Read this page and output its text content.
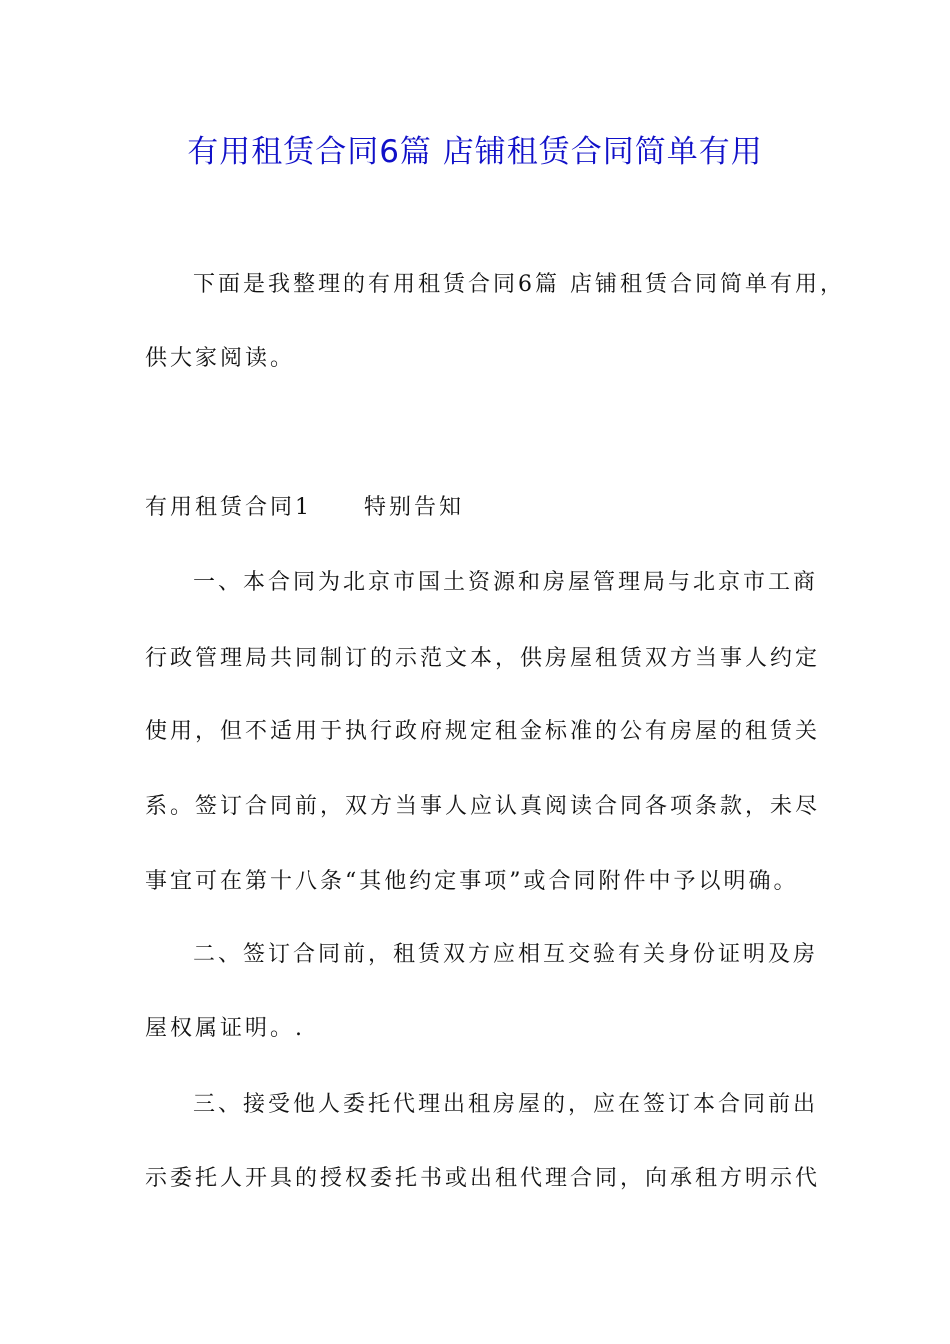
有用租赁合同6篇 店铺租赁合同简单有用
下面是我整理的有用租赁合同6篇 店铺租赁合同简单有用，
供大家阅读。
有用租赁合同1 特别告知
一、本合同为北京市国土资源和房屋管理局与北京市工商
行政管理局共同制订的示范文本，供房屋租赁双方当事人约定
使用，但不适用于执行政府规定租金标准的公有房屋的租赁关
系。签订合同前，双方当事人应认真阅读合同各项条款，未尽
事宜可在第十八条“其他约定事项”或合同附件中予以明确。
二、签订合同前，租赁双方应相互交验有关身份证明及房
屋权属证明。.
三、接受他人委托代理出租房屋的，应在签订本合同前出
示委托人开具的授权委托书或出租代理合同，向承租方明示代
